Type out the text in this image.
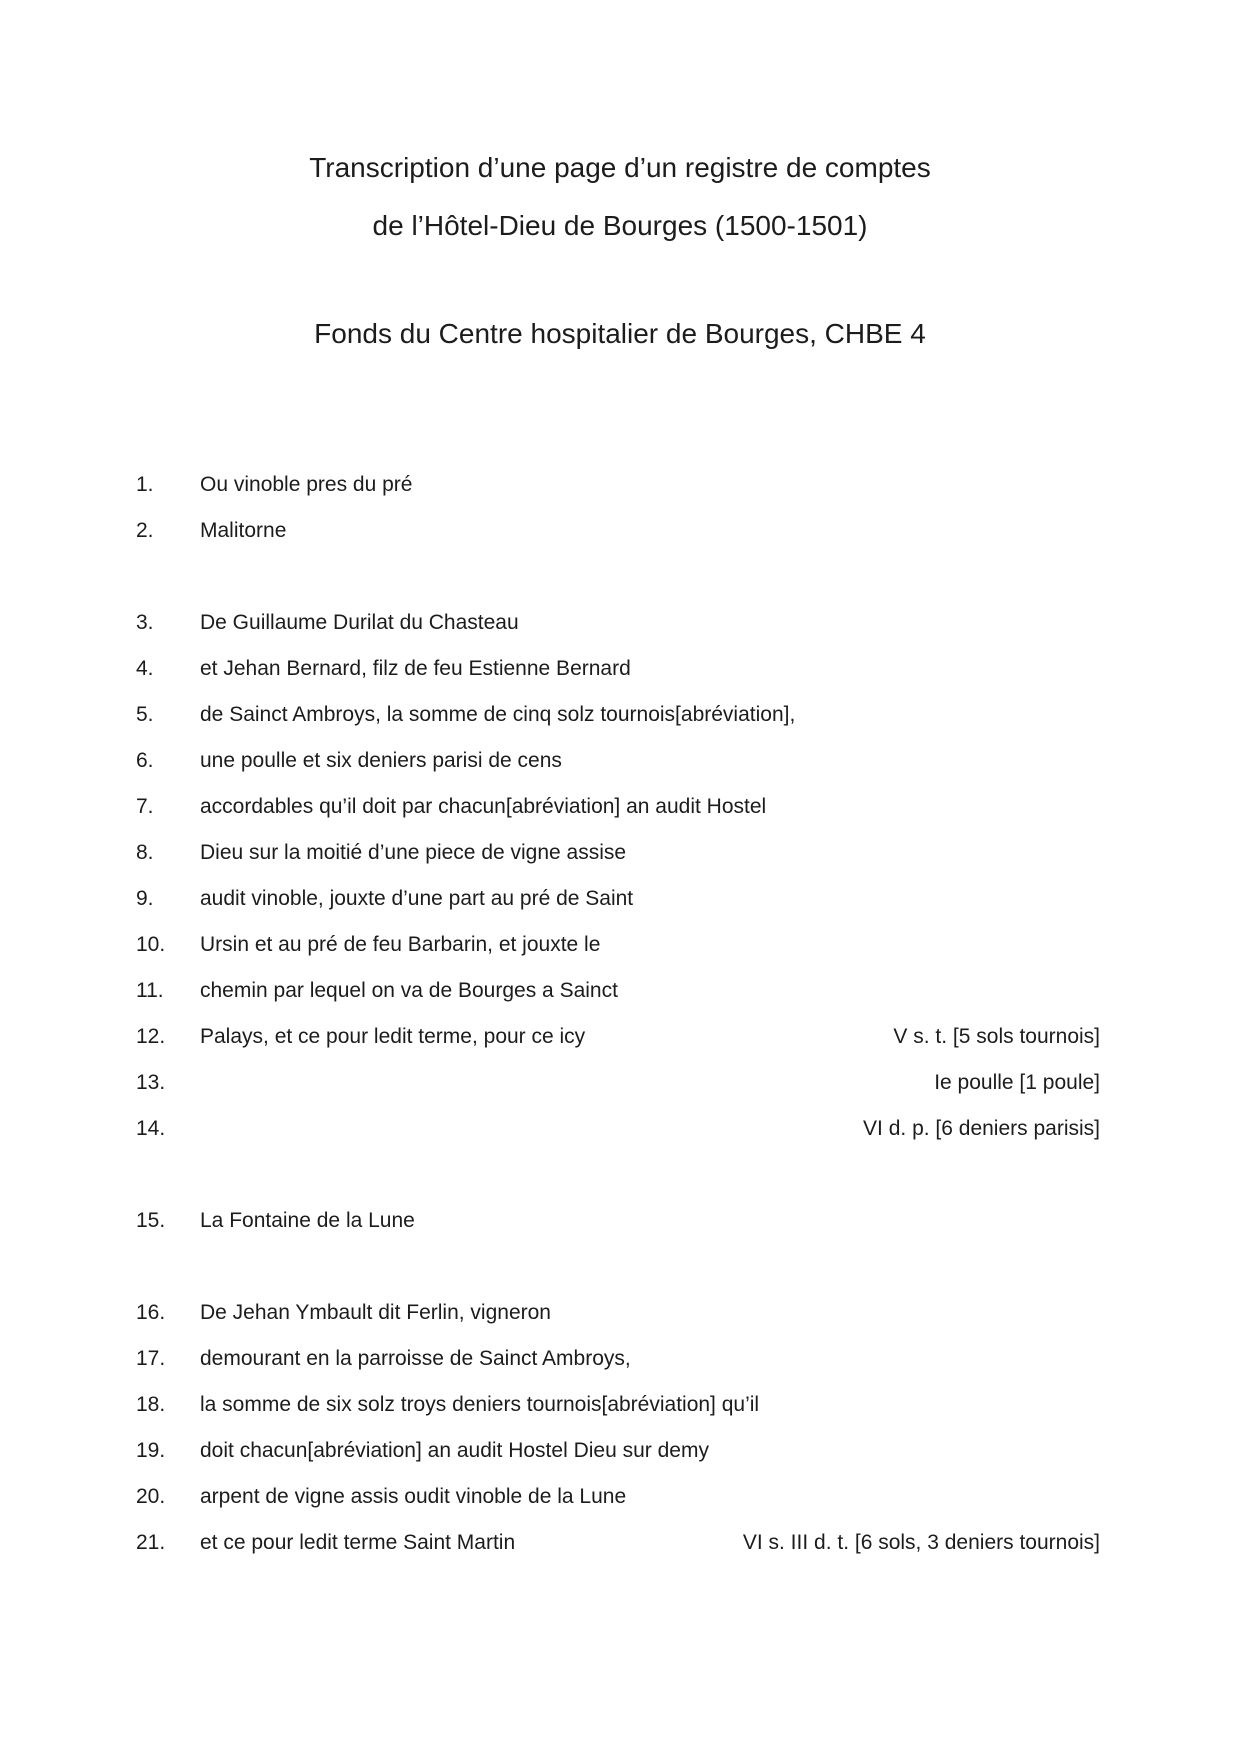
Transcription d’une page d’un registre de comptes
de l’Hôtel-Dieu de Bourges (1500-1501)
Fonds du Centre hospitalier de Bourges, CHBE 4
1.	Ou vinoble pres du pré
2.	Malitorne
3.	De Guillaume Durilat du Chasteau
4.	et Jehan Bernard, filz de feu Estienne Bernard
5.	de Sainct Ambroys, la somme de cinq solz tournois[abréviation],
6.	une poulle et six deniers parisi de cens
7.	accordables qu’il doit par chacun[abréviation] an audit Hostel
8.	Dieu sur la moitié d’une piece de vigne assise
9.	audit vinoble, jouxte d’une part au pré de Saint
10.	Ursin et au pré de feu Barbarin, et jouxte le
11.	chemin par lequel on va de Bourges a Sainct
12.	Palays, et ce pour ledit terme, pour ce icy	V s. t. [5 sols tournois]
13.	Ie poulle [1 poule]
14.	VI d. p. [6 deniers parisis]
15.	La Fontaine de la Lune
16.	De Jehan Ymbault dit Ferlin, vigneron
17.	demourant en la parroisse de Sainct Ambroys,
18.	la somme de six solz troys deniers tournois[abréviation] qu’il
19.	doit chacun[abréviation] an audit Hostel Dieu sur demy
20.	arpent de vigne assis oudit vinoble de la Lune
21.	et ce pour ledit terme Saint Martin	VI s. III d. t. [6 sols, 3 deniers tournois]
